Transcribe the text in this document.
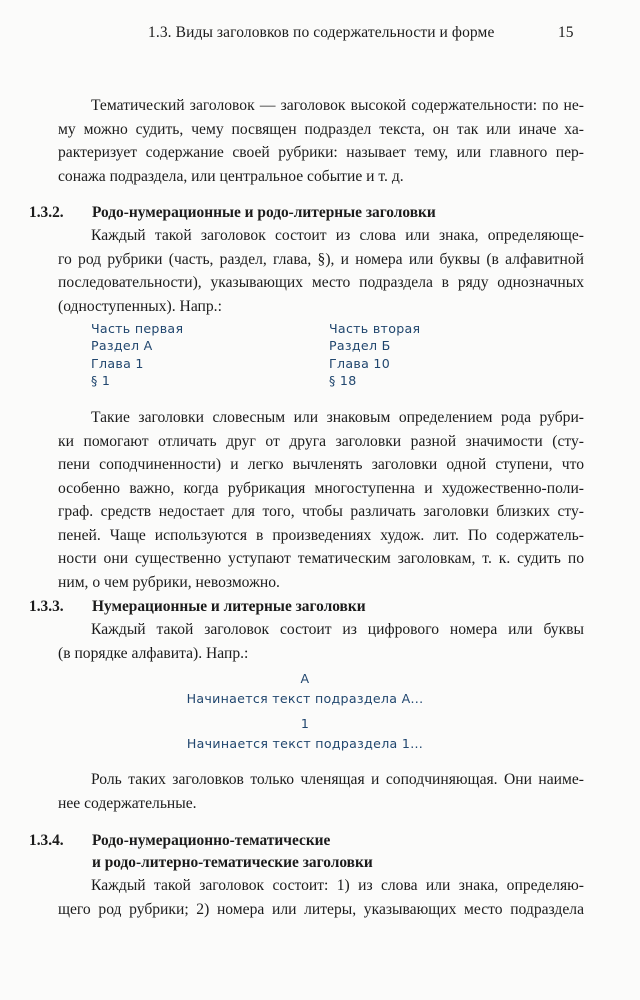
1.3. Виды заголовков по содержательности и форме	15

Тематический заголовок — заголовок высокой содержательности: по не-
му можно судить, чему посвящен подраздел текста, он так или иначе ха-
рактеризует содержание своей рубрики: называет тему, или главного пер-
сонажа подраздела, или центральное событие и т. д.

1.3.2. Родо-нумерационные и родо-литерные заголовки

Каждый такой заголовок состоит из слова или знака, определяюще-
го род рубрики (часть, раздел, глава, §), и номера или буквы (в алфавитной
последовательности), указывающих место подраздела в ряду однозначных
(одноступенных). Напр.:

Часть первая
Раздел А
Глава 1
§ 1
Часть вторая
Раздел Б
Глава 10
§ 18

Такие заголовки словесным или знаковым определением рода рубри-
ки помогают отличать друг от друга заголовки разной значимости (сту-
пени соподчиненности) и легко вычленять заголовки одной ступени, что
особенно важно, когда рубрикация многоступенна и художественно-поли-
граф. средств недостает для того, чтобы различать заголовки близких сту-
пеней. Чаще используются в произведениях худож. лит. По содержатель-
ности они существенно уступают тематическим заголовкам, т. к. судить по
ним, о чем рубрики, невозможно.

1.3.3. Нумерационные и литерные заголовки

Каждый такой заголовок состоит из цифрового номера или буквы
(в порядке алфавита). Напр.:

А
Начинается текст подраздела А...
1
Начинается текст подраздела 1...

Роль таких заголовков только членящая и соподчиняющая. Они наиме-
нее содержательные.

1.3.4. Родо-нумерационно-тематические
и родо-литерно-тематические заголовки

Каждый такой заголовок состоит: 1) из слова или знака, определяю-
щего род рубрики; 2) номера или литеры, указывающих место подраздела
